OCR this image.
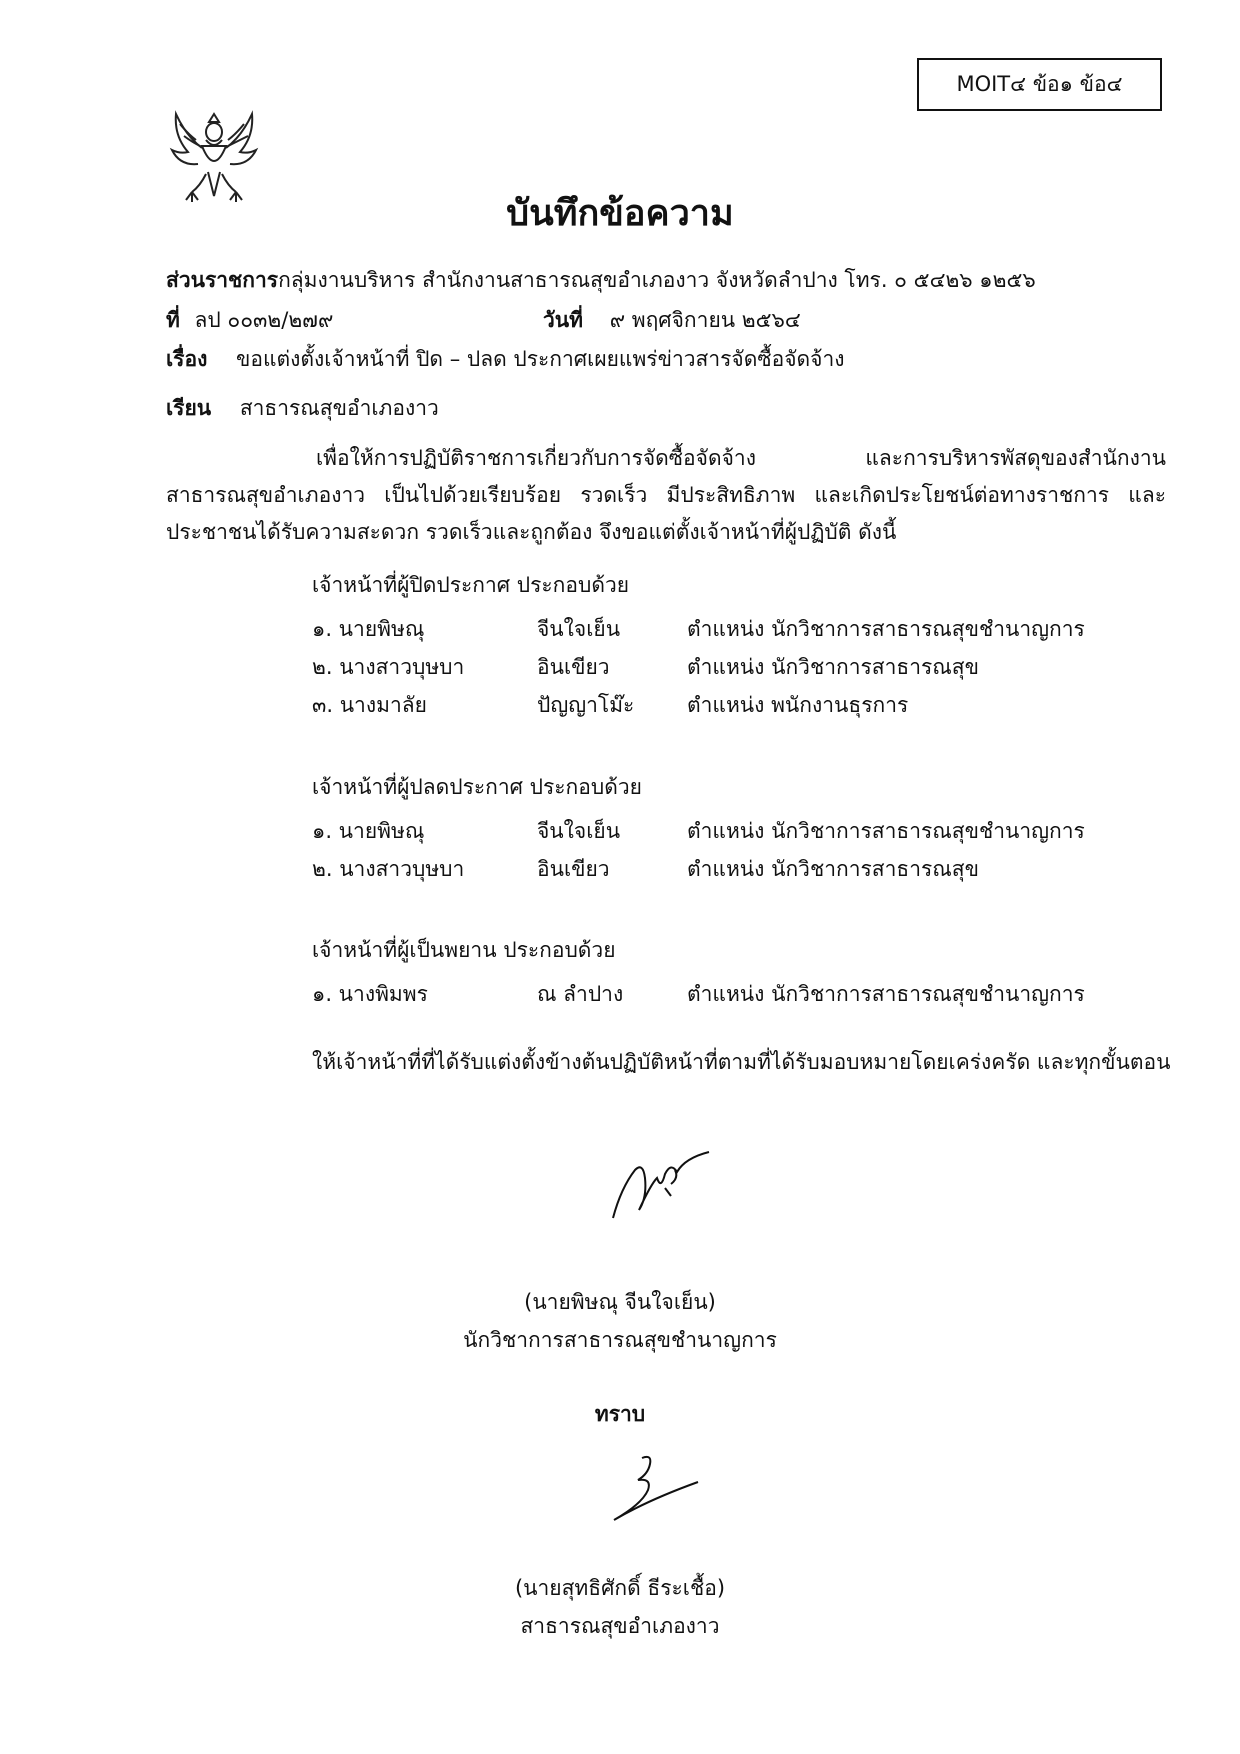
MOIT๔ ข้อ๑ ข้อ๔
บันทึกข้อความ
ส่วนราชการกลุ่มงานบริหาร สำนักงานสาธารณสุขอำเภองาว จังหวัดลำปาง โทร. ๐ ๕๔๒๖ ๑๒๕๖
ที่ ลป ๐๐๓๒/๒๗๙	วันที่ ๙ พฤศจิกายน ๒๕๖๔
เรื่อง ขอแต่งตั้งเจ้าหน้าที่ ปิด – ปลด ประกาศเผยแพร่ข่าวสารจัดซื้อจัดจ้าง
เรียน สาธารณสุขอำเภองาว
เพื่อให้การปฏิบัติราชการเกี่ยวกับการจัดซื้อจัดจ้าง และการบริหารพัสดุของสำนักงานสาธารณสุขอำเภองาว เป็นไปด้วยเรียบร้อย รวดเร็ว มีประสิทธิภาพ และเกิดประโยชน์ต่อทางราชการ และประชาชนได้รับความสะดวก รวดเร็วและถูกต้อง จึงขอแต่ตั้งเจ้าหน้าที่ผู้ปฏิบัติ ดังนี้
เจ้าหน้าที่ผู้ปิดประกาศ ประกอบด้วย
๑. นายพิษณุ	จีนใจเย็น	ตำแหน่ง นักวิชาการสาธารณสุขชำนาญการ
๒. นางสาวบุษบา	อินเขียว	ตำแหน่ง นักวิชาการสาธารณสุข
๓. นางมาลัย	ปัญญาโม๊ะ	ตำแหน่ง พนักงานธุรการ
เจ้าหน้าที่ผู้ปลดประกาศ ประกอบด้วย
๑. นายพิษณุ	จีนใจเย็น	ตำแหน่ง นักวิชาการสาธารณสุขชำนาญการ
๒. นางสาวบุษบา	อินเขียว	ตำแหน่ง นักวิชาการสาธารณสุข
เจ้าหน้าที่ผู้เป็นพยาน ประกอบด้วย
๑. นางพิมพร	ณ ลำปาง	ตำแหน่ง นักวิชาการสาธารณสุขชำนาญการ
ให้เจ้าหน้าที่ที่ได้รับแต่งตั้งข้างต้นปฏิบัติหน้าที่ตามที่ได้รับมอบหมายโดยเคร่งครัด และทุกขั้นตอน
(นายพิษณุ จีนใจเย็น)
นักวิชาการสาธารณสุขชำนาญการ
ทราบ
(นายสุทธิศักดิ์ ธีระเชื้อ)
สาธารณสุขอำเภองาว
